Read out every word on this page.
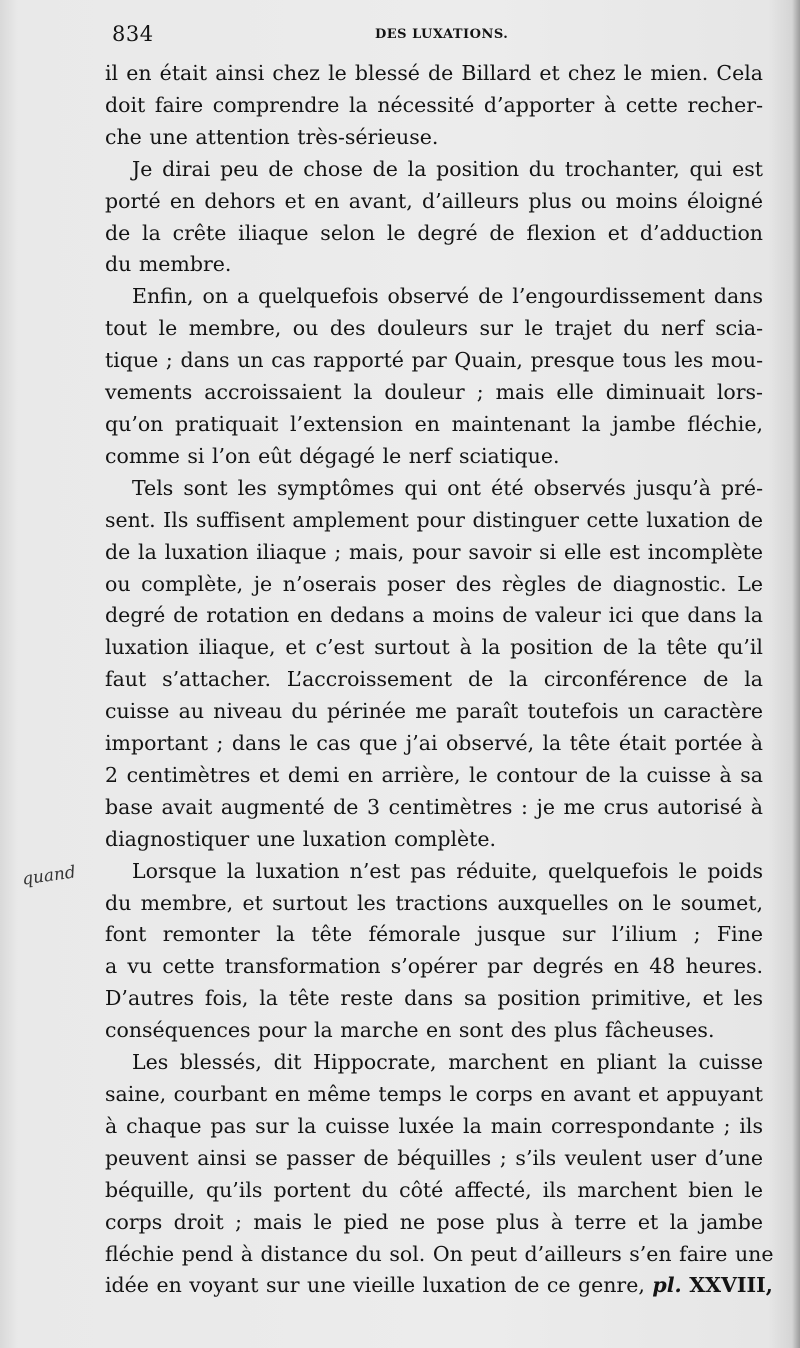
834	DES LUXATIONS.
quand
il en était ainsi chez le blessé de Billard et chez le mien. Cela
doit faire comprendre la nécessité d’apporter à cette recher-
che une attention très-sérieuse.
Je dirai peu de chose de la position du trochanter, qui est
porté en dehors et en avant, d’ailleurs plus ou moins éloigné
de la crête iliaque selon le degré de flexion et d’adduction
du membre.
Enfin, on a quelquefois observé de l’engourdissement dans
tout le membre, ou des douleurs sur le trajet du nerf scia-
tique ; dans un cas rapporté par Quain, presque tous les mou-
vements accroissaient la douleur ; mais elle diminuait lors-
qu’on pratiquait l’extension en maintenant la jambe fléchie,
comme si l’on eût dégagé le nerf sciatique.
Tels sont les symptômes qui ont été observés jusqu’à pré-
sent. Ils suffisent amplement pour distinguer cette luxation de
de la luxation iliaque ; mais, pour savoir si elle est incomplète
ou complète, je n’oserais poser des règles de diagnostic. Le
degré de rotation en dedans a moins de valeur ici que dans la
luxation iliaque, et c’est surtout à la position de la tête qu’il
faut s’attacher. L’accroissement de la circonférence de la
cuisse au niveau du périnée me paraît toutefois un caractère
important ; dans le cas que j’ai observé, la tête était portée à
2 centimètres et demi en arrière, le contour de la cuisse à sa
base avait augmenté de 3 centimètres : je me crus autorisé à
diagnostiquer une luxation complète.
Lorsque la luxation n’est pas réduite, quelquefois le poids
du membre, et surtout les tractions auxquelles on le soumet,
font remonter la tête fémorale jusque sur l’ilium ; Fine
a vu cette transformation s’opérer par degrés en 48 heures.
D’autres fois, la tête reste dans sa position primitive, et les
conséquences pour la marche en sont des plus fâcheuses.
Les blessés, dit Hippocrate, marchent en pliant la cuisse
saine, courbant en même temps le corps en avant et appuyant
à chaque pas sur la cuisse luxée la main correspondante ; ils
peuvent ainsi se passer de béquilles ; s’ils veulent user d’une
béquille, qu’ils portent du côté affecté, ils marchent bien le
corps droit ; mais le pied ne pose plus à terre et la jambe
fléchie pend à distance du sol. On peut d’ailleurs s’en faire une
idée en voyant sur une vieille luxation de ce genre, pl. XXVIII,
